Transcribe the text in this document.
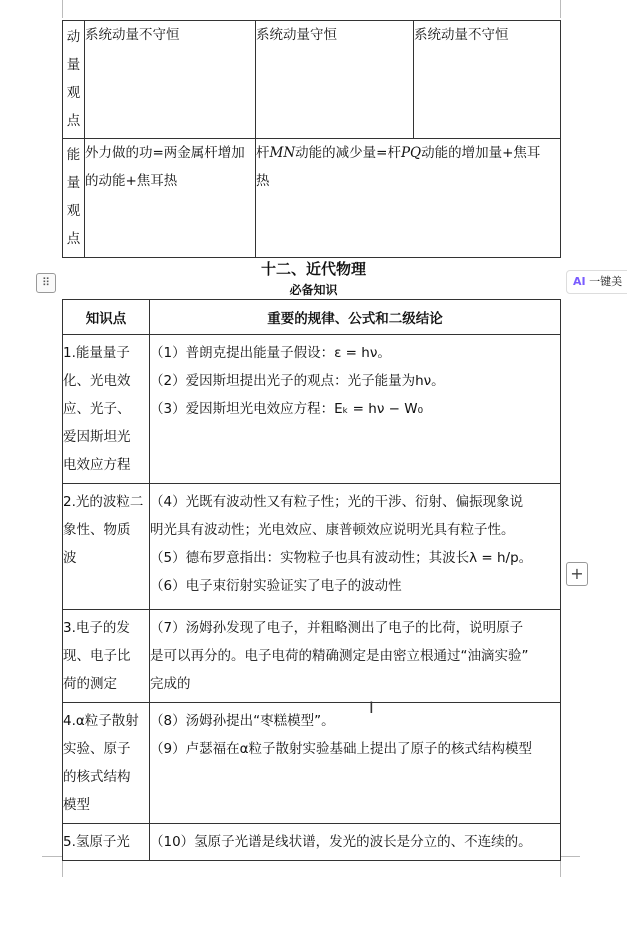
动
量
观
点	系统动量不守恒	系统动量守恒	系统动量不守恒

能
量
观
点	外力做的功=两金属杆增加
的动能+焦耳热	杆MN动能的减少量=杆PQ动能的增加量+焦耳
热	
⠿
十二、近代物理
必备知识
AI 一键美
知识点	重要的规律、公式和二级结论

1.能量量子
化、光电效
应、光子、
爱因斯坦光
电效应方程	（1）普朗克提出能量子假设：ε = hν。
（2）爱因斯坦提出光子的观点：光子能量为hν。
（3）爱因斯坦光电效应方程：Eₖ = hν − W₀

2.光的波粒二
象性、物质
波	（4）光既有波动性又有粒子性；光的干涉、衍射、偏振现象说
明光具有波动性；光电效应、康普顿效应说明光具有粒子性。
（5）德布罗意指出：实物粒子也具有波动性；其波长λ = h/p。
（6）电子束衍射实验证实了电子的波动性

3.电子的发
现、电子比
荷的测定	（7）汤姆孙发现了电子，并粗略测出了电子的比荷，说明原子
是可以再分的。电子电荷的精确测定是由密立根通过“油滴实验”
完成的

4.α粒子散射
实验、原子
的核式结构
模型	（8）汤姆孙提出“枣糕模型”。
（9）卢瑟福在α粒子散射实验基础上提出了原子的核式结构模型

5.氢原子光	（10）氢原子光谱是线状谱，发光的波长是分立的、不连续的。
+
I
